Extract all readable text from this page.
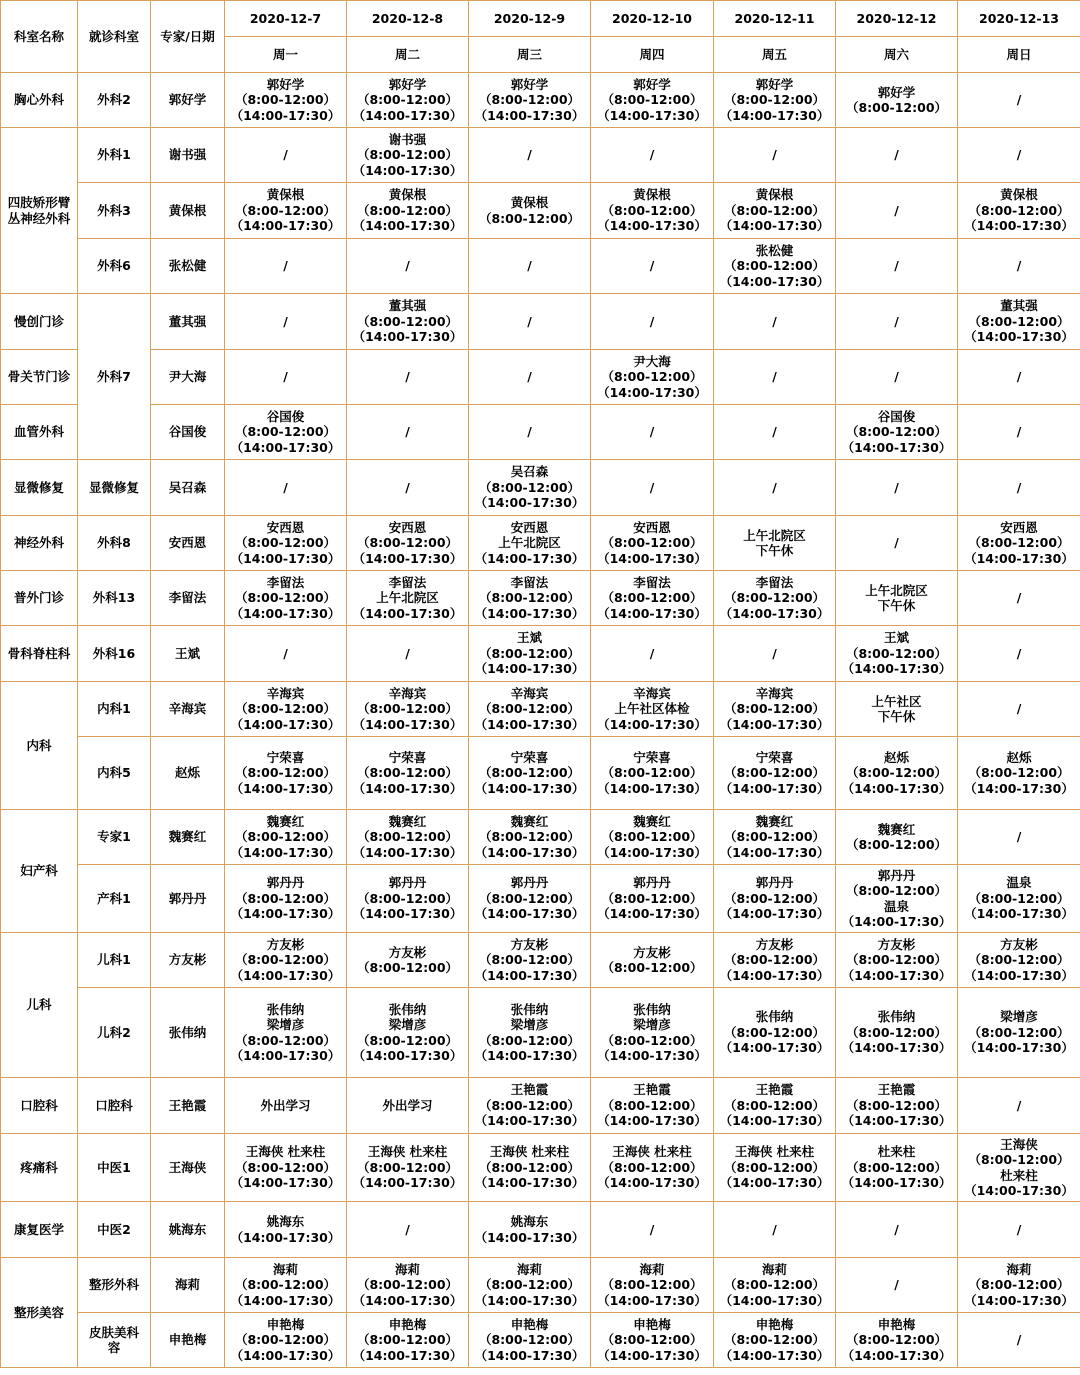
科室名称	就诊科室	专家/日期	2020-12-7	2020-12-8	2020-12-9	2020-12-10	2020-12-11	2020-12-12	2020-12-13
			周一	周二	周三	周四	周五	周六	周日

胸心外科	外科2	郭好学	郭好学
（8:00-12:00）
（14:00-17:30）	郭好学
（8:00-12:00）
（14:00-17:30）	郭好学
（8:00-12:00）
（14:00-17:30）	郭好学
（8:00-12:00）
（14:00-17:30）	郭好学
（8:00-12:00）
（14:00-17:30）	郭好学
（8:00-12:00）	/

四肢矫形臂
丛神经外科	外科1	谢书强	/	谢书强
（8:00-12:00）
（14:00-17:30）	/	/	/	/	/

	外科3	黄保根	黄保根
（8:00-12:00）
（14:00-17:30）	黄保根
（8:00-12:00）
（14:00-17:30）	黄保根
（8:00-12:00）	黄保根
（8:00-12:00）
（14:00-17:30）	黄保根
（8:00-12:00）
（14:00-17:30）	/	黄保根
（8:00-12:00）
（14:00-17:30）

	外科6	张松健	/	/	/	/	张松健
（8:00-12:00）
（14:00-17:30）	/	/

慢创门诊	外科7	董其强	/	董其强
（8:00-12:00）
（14:00-17:30）	/	/	/	/	董其强
（8:00-12:00）
（14:00-17:30）

骨关节门诊		尹大海	/	/	/	尹大海
（8:00-12:00）
（14:00-17:30）	/	/	/

血管外科		谷国俊	谷国俊
（8:00-12:00）
（14:00-17:30）	/	/	/	/	谷国俊
（8:00-12:00）
（14:00-17:30）	/

显微修复	显微修复	吴召森	/	/	吴召森
（8:00-12:00）
（14:00-17:30）	/	/	/	/

神经外科	外科8	安西恩	安西恩
（8:00-12:00）
（14:00-17:30）	安西恩
（8:00-12:00）
（14:00-17:30）	安西恩
上午北院区
（14:00-17:30）	安西恩
（8:00-12:00）
（14:00-17:30）	上午北院区
下午休	/	安西恩
（8:00-12:00）
（14:00-17:30）

普外门诊	外科13	李留法	李留法
（8:00-12:00）
（14:00-17:30）	李留法
上午北院区
（14:00-17:30）	李留法
（8:00-12:00）
（14:00-17:30）	李留法
（8:00-12:00）
（14:00-17:30）	李留法
（8:00-12:00）
（14:00-17:30）	上午北院区
下午休	/

骨科脊柱科	外科16	王斌	/	/	王斌
（8:00-12:00）
（14:00-17:30）	/	/	王斌
（8:00-12:00）
（14:00-17:30）	/

内科	内科1	辛海宾	辛海宾
（8:00-12:00）
（14:00-17:30）	辛海宾
（8:00-12:00）
（14:00-17:30）	辛海宾
（8:00-12:00）
（14:00-17:30）	辛海宾
上午社区体检
（14:00-17:30）	辛海宾
（8:00-12:00）
（14:00-17:30）	上午社区
下午休	/

	内科5	赵烁	宁荣喜
（8:00-12:00）
（14:00-17:30）	宁荣喜
（8:00-12:00）
（14:00-17:30）	宁荣喜
（8:00-12:00）
（14:00-17:30）	宁荣喜
（8:00-12:00）
（14:00-17:30）	宁荣喜
（8:00-12:00）
（14:00-17:30）	赵烁
（8:00-12:00）
（14:00-17:30）	赵烁
（8:00-12:00）
（14:00-17:30）

妇产科	专家1	魏赛红	魏赛红
（8:00-12:00）
（14:00-17:30）	魏赛红
（8:00-12:00）
（14:00-17:30）	魏赛红
（8:00-12:00）
（14:00-17:30）	魏赛红
（8:00-12:00）
（14:00-17:30）	魏赛红
（8:00-12:00）
（14:00-17:30）	魏赛红
（8:00-12:00）	/

	产科1	郭丹丹	郭丹丹
（8:00-12:00）
（14:00-17:30）	郭丹丹
（8:00-12:00）
（14:00-17:30）	郭丹丹
（8:00-12:00）
（14:00-17:30）	郭丹丹
（8:00-12:00）
（14:00-17:30）	郭丹丹
（8:00-12:00）
（14:00-17:30）	郭丹丹
（8:00-12:00）
温泉
（14:00-17:30）	温泉
（8:00-12:00）
（14:00-17:30）

儿科	儿科1	方友彬	方友彬
（8:00-12:00）
（14:00-17:30）	方友彬
（8:00-12:00）	方友彬
（8:00-12:00）
（14:00-17:30）	方友彬
（8:00-12:00）	方友彬
（8:00-12:00）
（14:00-17:30）	方友彬
（8:00-12:00）
（14:00-17:30）	方友彬
（8:00-12:00）
（14:00-17:30）

	儿科2	张伟纳	张伟纳
梁增彦
（8:00-12:00）
（14:00-17:30）	张伟纳
梁增彦
（8:00-12:00）
（14:00-17:30）	张伟纳
梁增彦
（8:00-12:00）
（14:00-17:30）	张伟纳
梁增彦
（8:00-12:00）
（14:00-17:30）	张伟纳
（8:00-12:00）
（14:00-17:30）	张伟纳
（8:00-12:00）
（14:00-17:30）	梁增彦
（8:00-12:00）
（14:00-17:30）

口腔科	口腔科	王艳霞	外出学习	外出学习	王艳霞
（8:00-12:00）
（14:00-17:30）	王艳霞
（8:00-12:00）
（14:00-17:30）	王艳霞
（8:00-12:00）
（14:00-17:30）	王艳霞
（8:00-12:00）
（14:00-17:30）	/

疼痛科	中医1	王海侠	王海侠 杜来柱
（8:00-12:00）
（14:00-17:30）	王海侠 杜来柱
（8:00-12:00）
（14:00-17:30）	王海侠 杜来柱
（8:00-12:00）
（14:00-17:30）	王海侠 杜来柱
（8:00-12:00）
（14:00-17:30）	王海侠 杜来柱
（8:00-12:00）
（14:00-17:30）	杜来柱
（8:00-12:00）
（14:00-17:30）	王海侠
（8:00-12:00）
杜来柱
（14:00-17:30）

康复医学	中医2	姚海东	姚海东
（14:00-17:30）	/	姚海东
（14:00-17:30）	/	/	/	/

整形美容	整形外科	海莉	海莉
（8:00-12:00）
（14:00-17:30）	海莉
（8:00-12:00）
（14:00-17:30）	海莉
（8:00-12:00）
（14:00-17:30）	海莉
（8:00-12:00）
（14:00-17:30）	海莉
（8:00-12:00）
（14:00-17:30）	/	海莉
（8:00-12:00）
（14:00-17:30）

	皮肤美科
容	申艳梅	申艳梅
（8:00-12:00）
（14:00-17:30）	申艳梅
（8:00-12:00）
（14:00-17:30）	申艳梅
（8:00-12:00）
（14:00-17:30）	申艳梅
（8:00-12:00）
（14:00-17:30）	申艳梅
（8:00-12:00）
（14:00-17:30）	申艳梅
（8:00-12:00）
（14:00-17:30）	/
